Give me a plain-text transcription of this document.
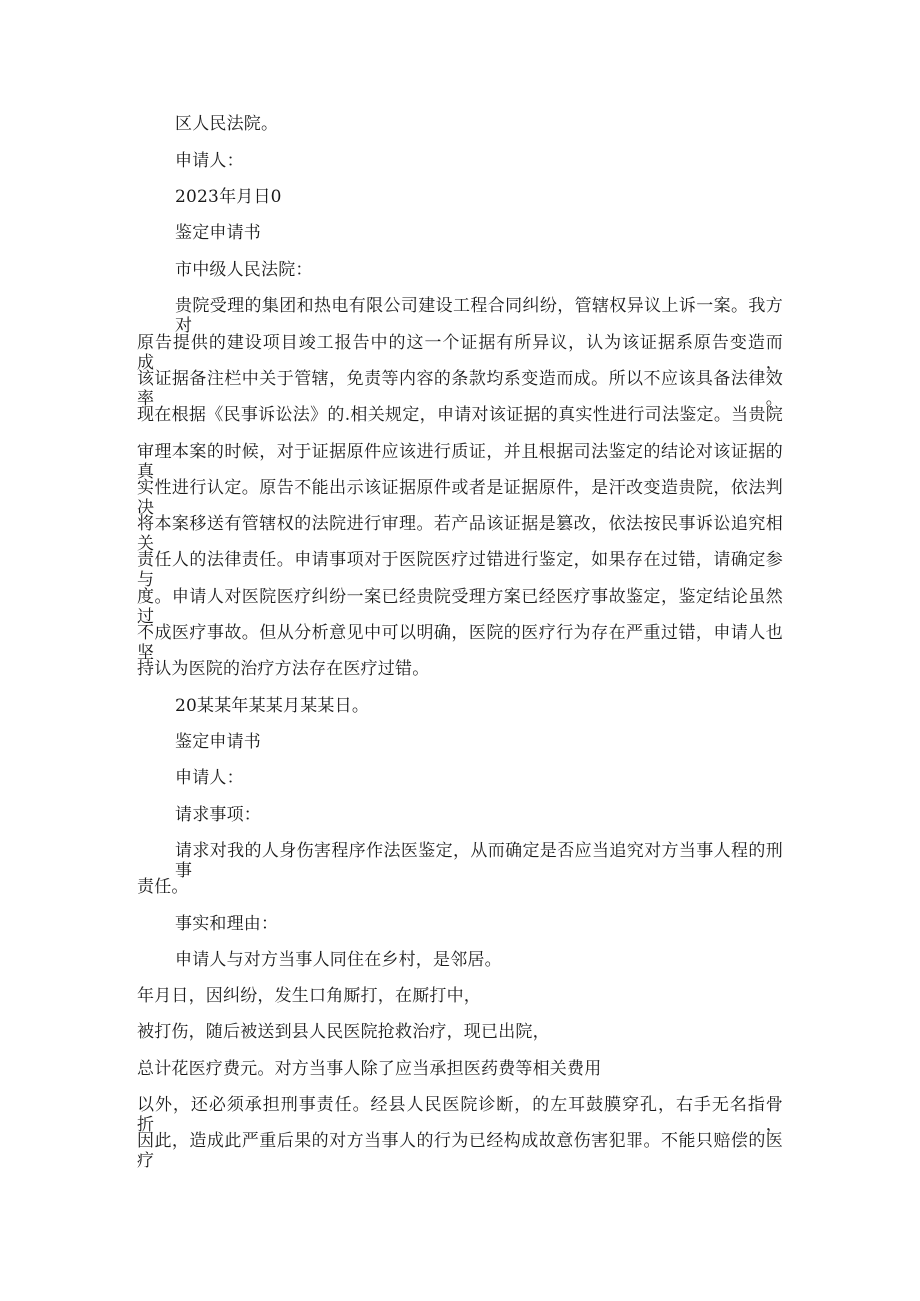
区人民法院。
申请人：
2023年月日0
鉴定申请书
市中级人民法院：
贵院受理的集团和热电有限公司建设工程合同纠纷，管辖权异议上诉一案。我方对
原告提供的建设项目竣工报告中的这一个证据有所异议，认为该证据系原告变造而成，
该证据备注栏中关于管辖，免责等内容的条款均系变造而成。所以不应该具备法律效率。
现在根据《民事诉讼法》的.相关规定，申请对该证据的真实性进行司法鉴定。当贵院
审理本案的时候，对于证据原件应该进行质证，并且根据司法鉴定的结论对该证据的真
实性进行认定。原告不能出示该证据原件或者是证据原件，是汗改变造贵院，依法判决
将本案移送有管辖权的法院进行审理。若产品该证据是篡改，依法按民事诉讼追究相关
责任人的法律责任。申请事项对于医院医疗过错进行鉴定，如果存在过错，请确定参与
度。申请人对医院医疗纠纷一案已经贵院受理方案已经医疗事故鉴定，鉴定结论虽然过
不成医疗事故。但从分析意见中可以明确，医院的医疗行为存在严重过错，申请人也坚
持认为医院的治疗方法存在医疗过错。
20某某年某某月某某日。
鉴定申请书
申请人：
请求事项：
请求对我的人身伤害程序作法医鉴定，从而确定是否应当追究对方当事人程的刑事
责任。
事实和理由：
申请人与对方当事人同住在乡村，是邻居。
年月日，因纠纷，发生口角厮打，在厮打中，
被打伤，随后被送到县人民医院抢救治疗，现已出院，
总计花医疗费元。对方当事人除了应当承担医药费等相关费用
以外，还必须承担刑事责任。经县人民医院诊断，的左耳鼓膜穿孔，右手无名指骨折，
因此，造成此严重后果的对方当事人的行为已经构成故意伤害犯罪。不能只赔偿的医疗
